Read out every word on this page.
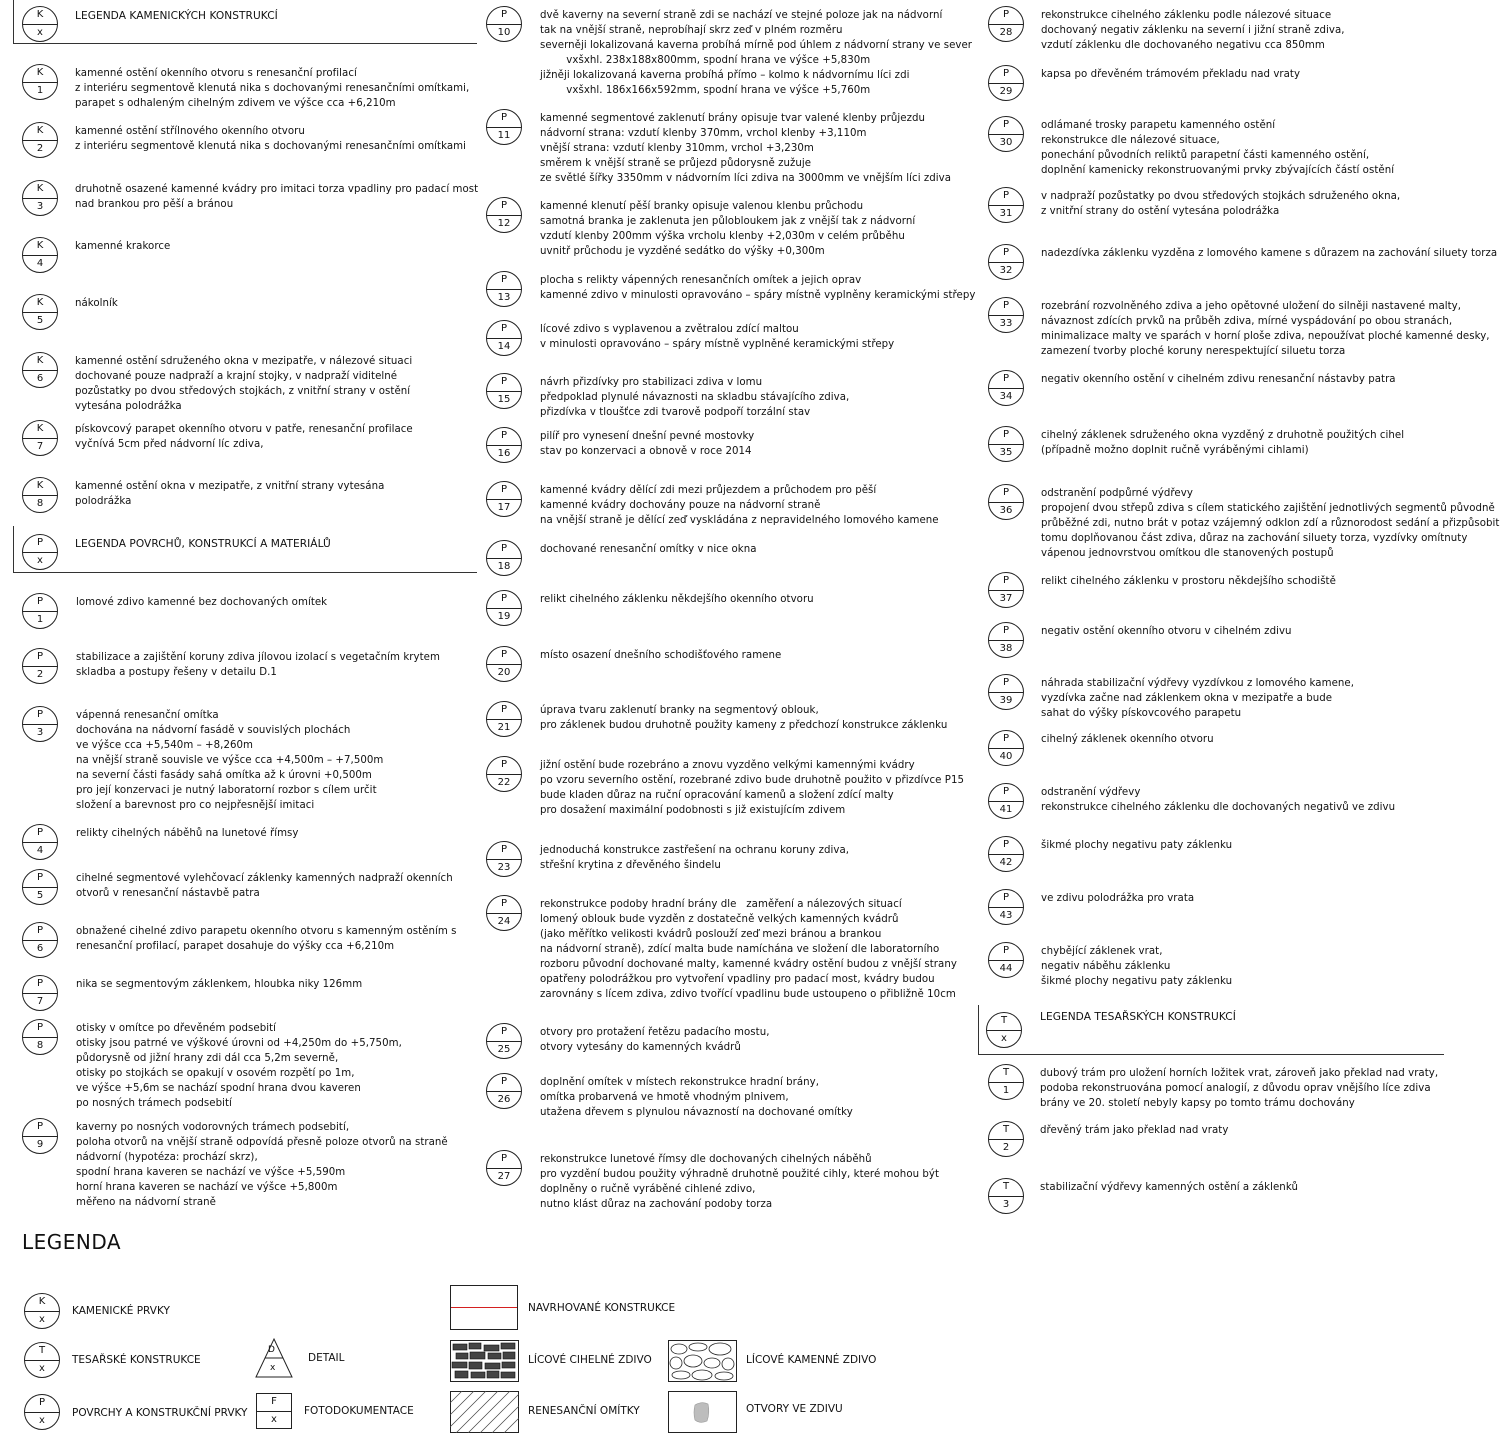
K
x
LEGENDA KAMENICKÝCH KONSTRUKCÍ
K
1
kamenné ostění okenního otvoru s renesanční profilací
z interiéru segmentově klenutá nika s dochovanými renesančními omítkami,
parapet s odhaleným cihelným zdivem ve výšce cca +6,210m
K
2
kamenné ostění střílnového okenního otvoru
z interiéru segmentově klenutá nika s dochovanými renesančními omítkami
K
3
druhotně osazené kamenné kvádry pro imitaci torza vpadliny pro padací most
nad brankou pro pěší a bránou
K
4
kamenné krakorce
K
5
nákolník
K
6
kamenné ostění sdruženého okna v mezipatře, v nálezové situaci
dochované pouze nadpraží a krajní stojky, v nadpraží viditelné
pozůstatky po dvou středových stojkách, z vnitřní strany v ostění
vytesána polodrážka
K
7
pískovcový parapet okenního otvoru v patře, renesanční profilace
vyčnívá 5cm před nádvorní líc zdiva,
K
8
kamenné ostění okna v mezipatře, z vnitřní strany vytesána
polodrážka
P
x
LEGENDA POVRCHŮ, KONSTRUKCÍ A MATERIÁLŮ
P
1
lomové zdivo kamenné bez dochovaných omítek
P
2
stabilizace a zajištění koruny zdiva jílovou izolací s vegetačním krytem
skladba a postupy řešeny v detailu D.1
P
3
vápenná renesanční omítka
dochována na nádvorní fasádě v souvislých plochách
ve výšce cca +5,540m – +8,260m
na vnější straně souvisle ve výšce cca +4,500m – +7,500m
na severní části fasády sahá omítka až k úrovni +0,500m
pro její konzervaci je nutný laboratorní rozbor s cílem určit
složení a barevnost pro co nejpřesnější imitaci
P
4
relikty cihelných náběhů na lunetové římsy
P
5
cihelné segmentové vylehčovací záklenky kamenných nadpraží okenních
otvorů v renesanční nástavbě patra
P
6
obnažené cihelné zdivo parapetu okenního otvoru s kamenným ostěním s
renesanční profilací, parapet dosahuje do výšky cca +6,210m
P
7
nika se segmentovým záklenkem, hloubka niky 126mm
P
8
otisky v omítce po dřevěném podsebití
otisky jsou patrné ve výškové úrovni od +4,250m do +5,750m,
půdorysně od jižní hrany zdi dál cca 5,2m severně,
otisky po stojkách se opakují v osovém rozpětí po 1m,
ve výšce +5,6m se nachází spodní hrana dvou kaveren
po nosných trámech podsebití
P
9
kaverny po nosných vodorovných trámech podsebití,
poloha otvorů na vnější straně odpovídá přesně poloze otvorů na straně
nádvorní (hypotéza: prochází skrz),
spodní hrana kaveren se nachází ve výšce +5,590m
horní hrana kaveren se nachází ve výšce +5,800m
měřeno na nádvorní straně
P
10
dvě kaverny na severní straně zdi se nachází ve stejné poloze jak na nádvorní
tak na vnější straně, neprobíhají skrz zeď v plném rozměru
severněji lokalizovaná kaverna probíhá mírně pod úhlem z nádvorní strany ve sever
vxšxhl. 238x188x800mm, spodní hrana ve výšce +5,830m
jižněji lokalizovaná kaverna probíhá přímo – kolmo k nádvornímu líci zdi
vxšxhl. 186x166x592mm, spodní hrana ve výšce +5,760m
P
11
kamenné segmentové zaklenutí brány opisuje tvar valené klenby průjezdu
nádvorní strana: vzdutí klenby 370mm, vrchol klenby +3,110m
vnější strana: vzdutí klenby 310mm, vrchol +3,230m
směrem k vnější straně se průjezd půdorysně zužuje
ze světlé šířky 3350mm v nádvorním líci zdiva na 3000mm ve vnějším líci zdiva
P
12
kamenné klenutí pěší branky opisuje valenou klenbu průchodu
samotná branka je zaklenuta jen půlobloukem jak z vnější tak z nádvorní
vzdutí klenby 200mm výška vrcholu klenby +2,030m v celém průběhu
uvnitř průchodu je vyzděné sedátko do výšky +0,300m
P
13
plocha s relikty vápenných renesančních omítek a jejich oprav
kamenné zdivo v minulosti opravováno – spáry místně vyplněny keramickými střepy
P
14
lícové zdivo s vyplavenou a zvětralou zdící maltou
v minulosti opravováno – spáry místně vyplněné keramickými střepy
P
15
návrh přizdívky pro stabilizaci zdiva v lomu
předpoklad plynulé návaznosti na skladbu stávajícího zdiva,
přizdívka v tloušťce zdi tvarově podpoří torzální stav
P
16
pilíř pro vynesení dnešní pevné mostovky
stav po konzervaci a obnově v roce 2014
P
17
kamenné kvádry dělící zdi mezi průjezdem a průchodem pro pěší
kamenné kvádry dochovány pouze na nádvorní straně
na vnější straně je dělící zeď vyskládána z nepravidelného lomového kamene
P
18
dochované renesanční omítky v nice okna
P
19
relikt cihelného záklenku někdejšího okenního otvoru
P
20
místo osazení dnešního schodišťového ramene
P
21
úprava tvaru zaklenutí branky na segmentový oblouk,
pro záklenek budou druhotně použity kameny z předchozí konstrukce záklenku
P
22
jižní ostění bude rozebráno a znovu vyzděno velkými kamennými kvádry
po vzoru severního ostění, rozebrané zdivo bude druhotně použito v přizdívce P15
bude kladen důraz na ruční opracování kamenů a složení zdící malty
pro dosažení maximální podobnosti s již existujícím zdivem
P
23
jednoduchá konstrukce zastřešení na ochranu koruny zdiva,
střešní krytina z dřevěného šindelu
P
24
rekonstrukce podoby hradní brány dle   zaměření a nálezových situací
lomený oblouk bude vyzděn z dostatečně velkých kamenných kvádrů
(jako měřítko velikosti kvádrů poslouží zeď mezi bránou a brankou
na nádvorní straně), zdící malta bude namíchána ve složení dle laboratorního
rozboru původní dochované malty, kamenné kvádry ostění budou z vnější strany
opatřeny polodrážkou pro vytvoření vpadliny pro padací most, kvádry budou
zarovnány s lícem zdiva, zdivo tvořící vpadlinu bude ustoupeno o přibližně 10cm
P
25
otvory pro protažení řetězu padacího mostu,
otvory vytesány do kamenných kvádrů
P
26
doplnění omítek v místech rekonstrukce hradní brány,
omítka probarvená ve hmotě vhodným plnivem,
utažena dřevem s plynulou návazností na dochované omítky
P
27
rekonstrukce lunetové římsy dle dochovaných cihelných náběhů
pro vyzdění budou použity výhradně druhotně použité cihly, které mohou být
doplněny o ručně vyráběné cihlené zdivo,
nutno klást důraz na zachování podoby torza
P
28
rekonstrukce cihelného záklenku podle nálezové situace
dochovaný negativ záklenku na severní i jižní straně zdiva,
vzdutí záklenku dle dochovaného negativu cca 850mm
P
29
kapsa po dřevěném trámovém překladu nad vraty
P
30
odlámané trosky parapetu kamenného ostění
rekonstrukce dle nálezové situace,
ponechání původních reliktů parapetní části kamenného ostění,
doplnění kamenicky rekonstruovanými prvky zbývajících částí ostění
P
31
v nadpraží pozůstatky po dvou středových stojkách sdruženého okna,
z vnitřní strany do ostění vytesána polodrážka
P
32
nadezdívka záklenku vyzděna z lomového kamene s důrazem na zachování siluety torza
P
33
rozebrání rozvolněného zdiva a jeho opětovné uložení do silněji nastavené malty,
návaznost zdících prvků na průběh zdiva, mírné vyspádování po obou stranách,
minimalizace malty ve sparách v horní ploše zdiva, nepoužívat ploché kamenné desky,
zamezení tvorby ploché koruny nerespektující siluetu torza
P
34
negativ okenního ostění v cihelném zdivu renesanční nástavby patra
P
35
cihelný záklenek sdruženého okna vyzděný z druhotně použitých cihel
(případně možno doplnit ručně vyráběnými cihlami)
P
36
odstranění podpůrné výdřevy
propojení dvou střepů zdiva s cílem statického zajištění jednotlivých segmentů původně
průběžné zdi, nutno brát v potaz vzájemný odklon zdí a různorodost sedání a přizpůsobit
tomu doplňovanou část zdiva, důraz na zachování siluety torza, vyzdívky omítnuty
vápenou jednovrstvou omítkou dle stanovených postupů
P
37
relikt cihelného záklenku v prostoru někdejšího schodiště
P
38
negativ ostění okenního otvoru v cihelném zdivu
P
39
náhrada stabilizační výdřevy vyzdívkou z lomového kamene,
vyzdívka začne nad záklenkem okna v mezipatře a bude
sahat do výšky pískovcového parapetu
P
40
cihelný záklenek okenního otvoru
P
41
odstranění výdřevy
rekonstrukce cihelného záklenku dle dochovaných negativů ve zdivu
P
42
šikmé plochy negativu paty záklenku
P
43
ve zdivu polodrážka pro vrata
P
44
chybějící záklenek vrat,
negativ náběhu záklenku
šikmé plochy negativu paty záklenku
T
x
LEGENDA TESAŘSKÝCH KONSTRUKCÍ
T
1
dubový trám pro uložení horních ložitek vrat, zároveň jako překlad nad vraty,
podoba rekonstruována pomocí analogií, z důvodu oprav vnějšího líce zdiva
brány ve 20. století nebyly kapsy po tomto trámu dochovány
T
2
dřevěný trám jako překlad nad vraty
T
3
stabilizační výdřevy kamenných ostění a záklenků
LEGENDA
K
x
KAMENICKÉ PRVKY
T
x
TESAŘSKÉ KONSTRUKCE
P
x
POVRCHY A KONSTRUKČNÍ PRVKY
D
x
DETAIL
F
x
FOTODOKUMENTACE
NAVRHOVANÉ KONSTRUKCE
LÍCOVÉ CIHELNÉ ZDIVO	LÍCOVÉ KAMENNÉ ZDIVO
RENESANČNÍ OMÍTKY	OTVORY VE ZDIVU
